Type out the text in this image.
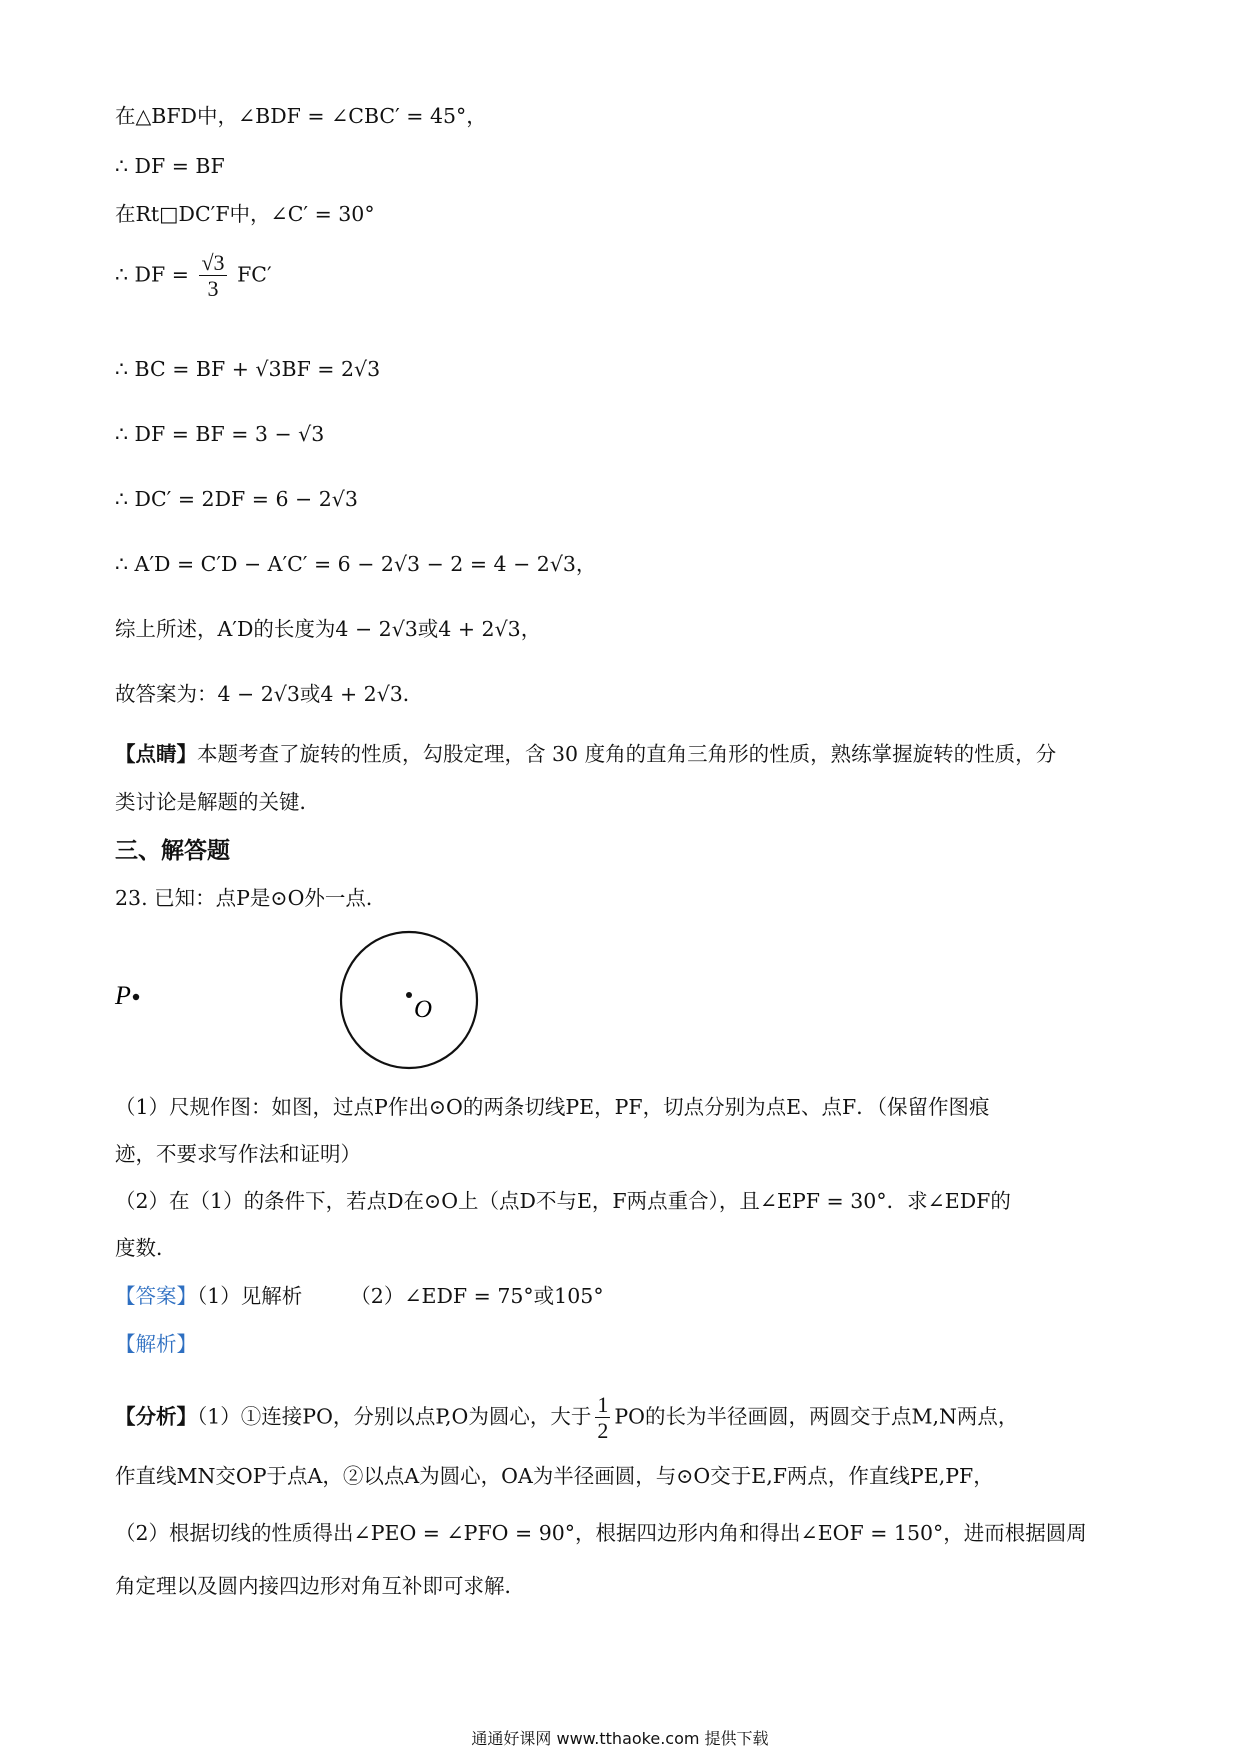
在△BFD中，∠BDF = ∠CBC′ = 45°，
∴ DF = BF
在Rt□DC′F中，∠C′ = 30°
∴ DF = $\frac{√3}{3} FC'$
∴ BC = BF + √3BF = 2√3
∴ DF = BF = 3 − √3
∴ DC′ = 2DF = 6 − 2√3
∴ A′D = C′D − A′C′ = 6 − 2√3 − 2 = 4 − 2√3，
综上所述，A′D的长度为4 − 2√3或4 + 2√3，
故答案为：4 − 2√3或4 + 2√3．
【点睛】本题考查了旋转的性质，勾股定理，含 30 度角的直角三角形的性质，熟练掌握旋转的性质，分
类讨论是解题的关键．
三、解答题
23. 已知：点P是⊙O外一点．
P	O
（1）尺规作图：如图，过点P作出⊙O的两条切线PE，PF，切点分别为点E、点F．（保留作图痕
迹，不要求写作法和证明）
（2）在（1）的条件下，若点D在⊙O上（点D不与E，F两点重合），且∠EPF = 30°．求∠EDF的
度数．
【答案】（1）见解析 （2）∠EDF = 75°或105°
【解析】
【分析】（1）①连接PO，分别以点P,O为圆心，大于 $\frac{1}{2}$ PO的长为半径画圆，两圆交于点M,N两点，
作直线MN交OP于点A，②以点A为圆心，OA为半径画圆，与⊙O交于E,F两点，作直线PE,PF，
（2）根据切线的性质得出∠PEO = ∠PFO = 90°，根据四边形内角和得出∠EOF = 150°，进而根据圆周
角定理以及圆内接四边形对角互补即可求解．
通通好课网 www.tthaoke.com 提供下载
